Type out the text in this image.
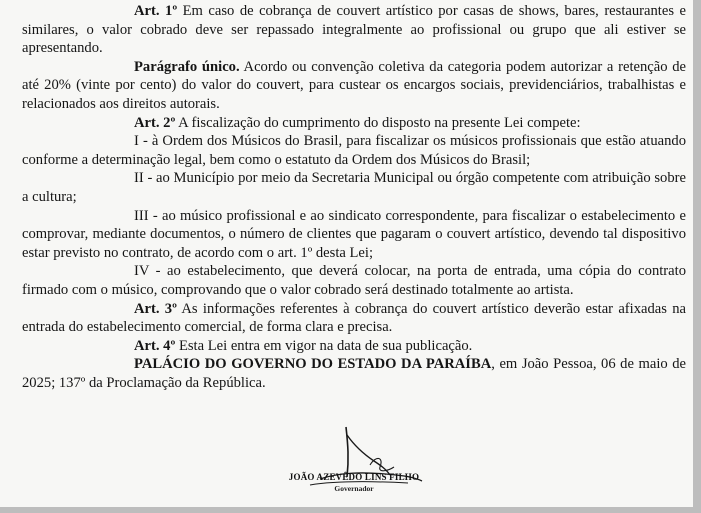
Art. 1º Em caso de cobrança de couvert artístico por casas de shows, bares, restaurantes e similares, o valor cobrado deve ser repassado integralmente ao profissional ou grupo que ali estiver se apresentando.

Parágrafo único. Acordo ou convenção coletiva da categoria podem autorizar a retenção de até 20% (vinte por cento) do valor do couvert, para custear os encargos sociais, previdenciários, trabalhistas e relacionados aos direitos autorais.

Art. 2º A fiscalização do cumprimento do disposto na presente Lei compete:

I - à Ordem dos Músicos do Brasil, para fiscalizar os músicos profissionais que estão atuando conforme a determinação legal, bem como o estatuto da Ordem dos Músicos do Brasil;

II - ao Município por meio da Secretaria Municipal ou órgão competente com atribuição sobre a cultura;

III - ao músico profissional e ao sindicato correspondente, para fiscalizar o estabelecimento e comprovar, mediante documentos, o número de clientes que pagaram o couvert artístico, devendo tal dispositivo estar previsto no contrato, de acordo com o art. 1º desta Lei;

IV - ao estabelecimento, que deverá colocar, na porta de entrada, uma cópia do contrato firmado com o músico, comprovando que o valor cobrado será destinado totalmente ao artista.

Art. 3º As informações referentes à cobrança do couvert artístico deverão estar afixadas na entrada do estabelecimento comercial, de forma clara e precisa.

Art. 4º Esta Lei entra em vigor na data de sua publicação.

PALÁCIO DO GOVERNO DO ESTADO DA PARAÍBA, em João Pessoa, 06 de maio de 2025; 137º da Proclamação da República.

JOÃO AZEVÊDO LINS FILHO
Governador
